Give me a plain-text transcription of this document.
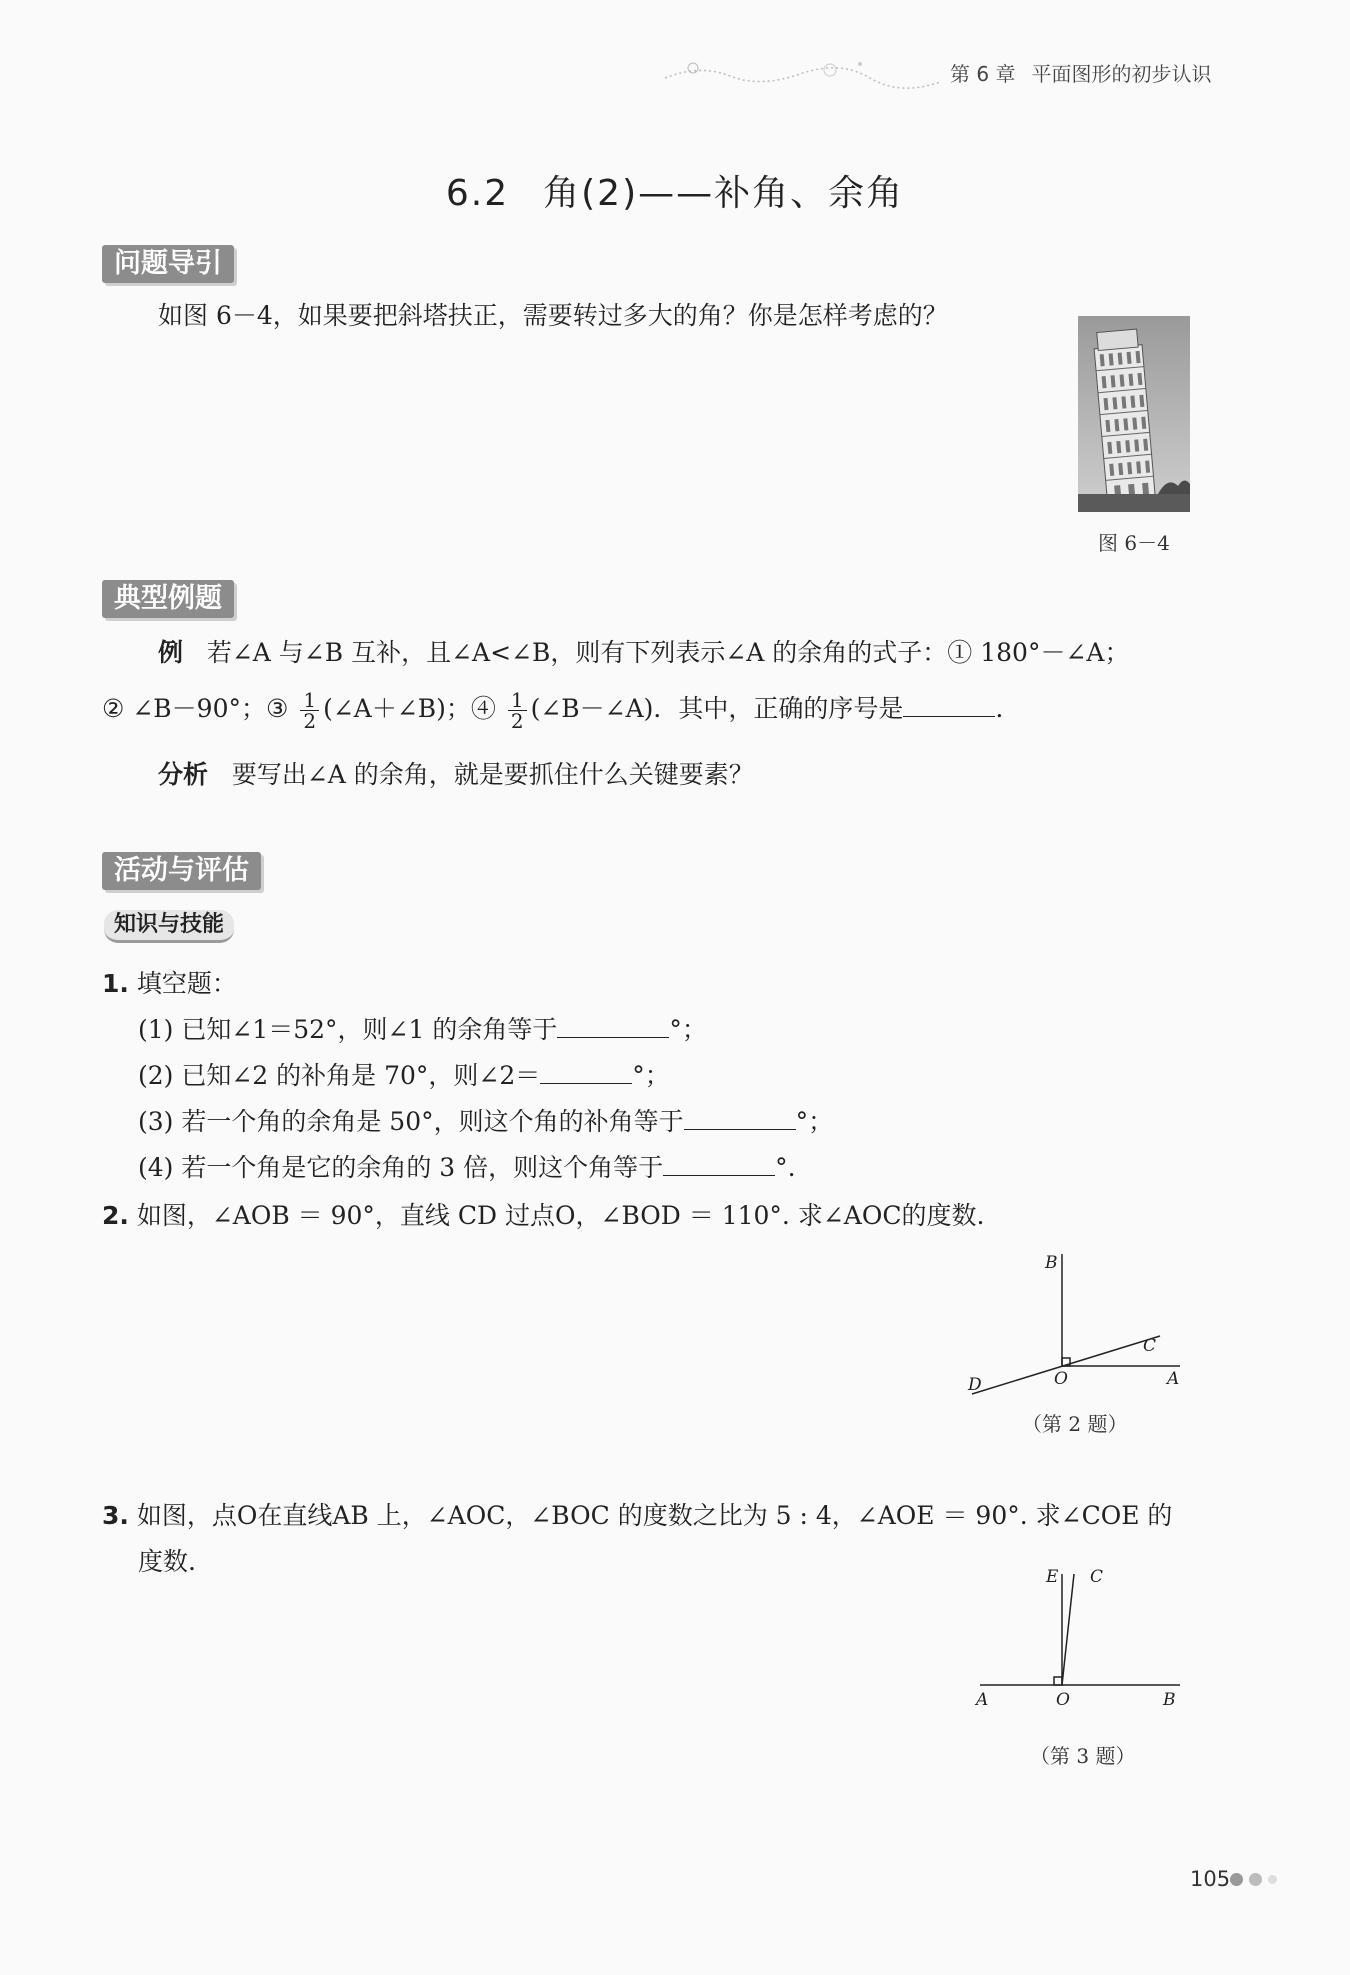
第 6 章 平面图形的初步认识
6.2 角(2)——补角、余角
问题导引
如图 6－4，如果要把斜塔扶正，需要转过多大的角？你是怎样考虑的？
图 6－4
典型例题
例 若∠A 与∠B 互补，且∠A<∠B，则有下列表示∠A 的余角的式子：① 180°－∠A；
② ∠B－90°；③ $\frac{1}{2}$ (∠A＋∠B)；④ $\frac{1}{2}$ (∠B－∠A)．其中，正确的序号是	．
分析 要写出∠A 的余角，就是要抓住什么关键要素？
活动与评估
知识与技能
1. 填空题：
(1) 已知∠1＝52°，则∠1 的余角等于	°；
(2) 已知∠2 的补角是 70°，则∠2＝	°；
(3) 若一个角的余角是 50°，则这个角的补角等于	°；
(4) 若一个角是它的余角的 3 倍，则这个角等于	°.
2. 如图，∠AOB ＝ 90°，直线 CD 过点O，∠BOD ＝ 110°. 求∠AOC的度数.
B
C
D	O	A
（第 2 题）
3. 如图，点O在直线AB 上，∠AOC，∠BOC 的度数之比为 5 : 4，∠AOE ＝ 90°. 求∠COE 的
度数.
E C
A	O	B
（第 3 题）
105
